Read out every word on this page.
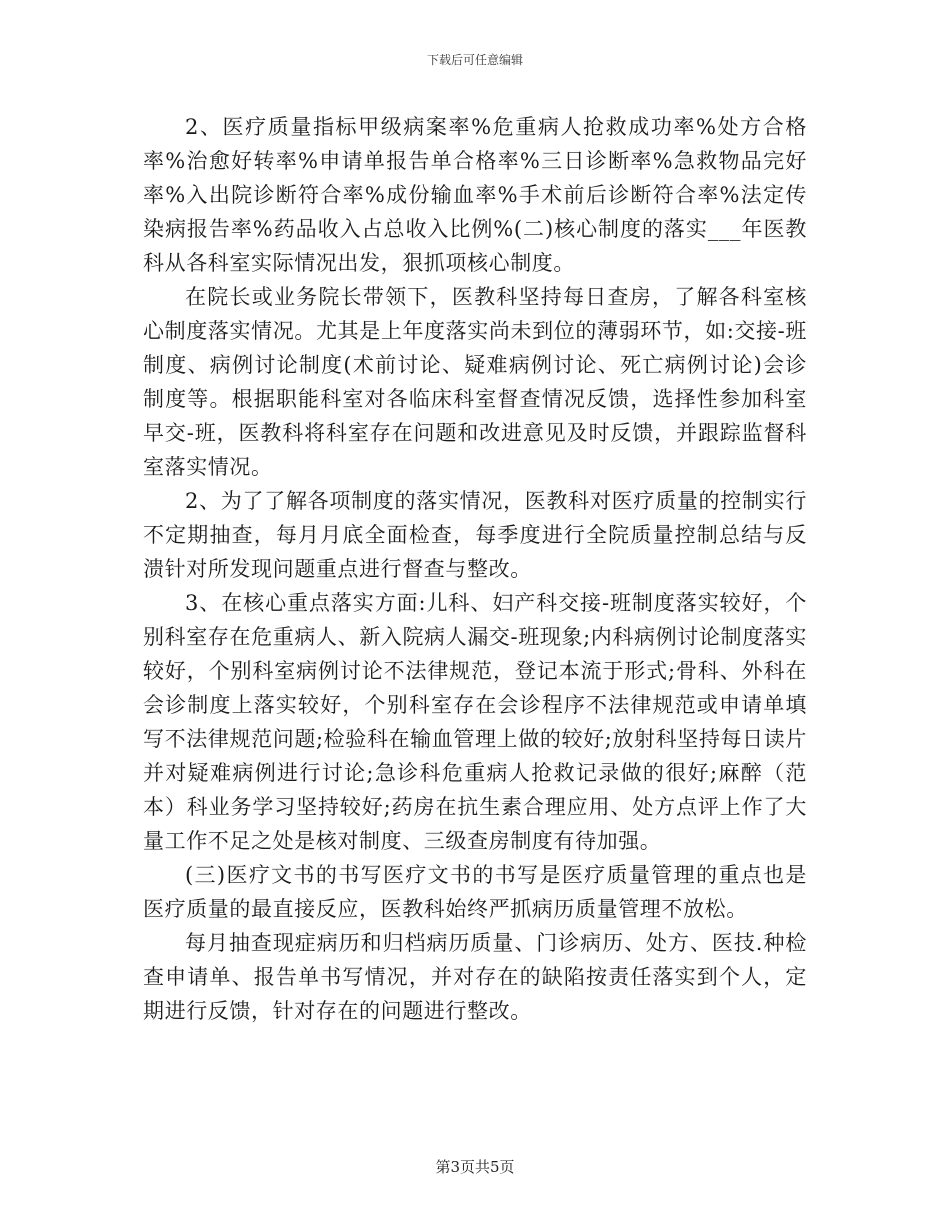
下载后可任意编辑

2、医疗质量指标甲级病案率%危重病人抢救成功率%处方合格率%治愈好转率%申请单报告单合格率%三日诊断率%急救物品完好率%入出院诊断符合率%成份输血率%手术前后诊断符合率%法定传染病报告率%药品收入占总收入比例%(二)核心制度的落实___年医教科从各科室实际情况出发，狠抓项核心制度。

在院长或业务院长带领下，医教科坚持每日查房，了解各科室核心制度落实情况。尤其是上年度落实尚未到位的薄弱环节，如:交接-班制度、病例讨论制度(术前讨论、疑难病例讨论、死亡病例讨论)会诊制度等。根据职能科室对各临床科室督查情况反馈，选择性参加科室早交-班，医教科将科室存在问题和改进意见及时反馈，并跟踪监督科室落实情况。

2、为了了解各项制度的落实情况，医教科对医疗质量的控制实行不定期抽查，每月月底全面检查，每季度进行全院质量控制总结与反溃针对所发现问题重点进行督查与整改。

3、在核心重点落实方面:儿科、妇产科交接-班制度落实较好，个别科室存在危重病人、新入院病人漏交-班现象;内科病例讨论制度落实较好，个别科室病例讨论不法律规范，登记本流于形式;骨科、外科在会诊制度上落实较好，个别科室存在会诊程序不法律规范或申请单填写不法律规范问题;检验科在输血管理上做的较好;放射科坚持每日读片并对疑难病例进行讨论;急诊科危重病人抢救记录做的很好;麻醉（范本）科业务学习坚持较好;药房在抗生素合理应用、处方点评上作了大量工作不足之处是核对制度、三级查房制度有待加强。

(三)医疗文书的书写医疗文书的书写是医疗质量管理的重点也是医疗质量的最直接反应，医教科始终严抓病历质量管理不放松。

每月抽查现症病历和归档病历质量、门诊病历、处方、医技.种检查申请单、报告单书写情况，并对存在的缺陷按责任落实到个人，定期进行反馈，针对存在的问题进行整改。

第3页共5页
